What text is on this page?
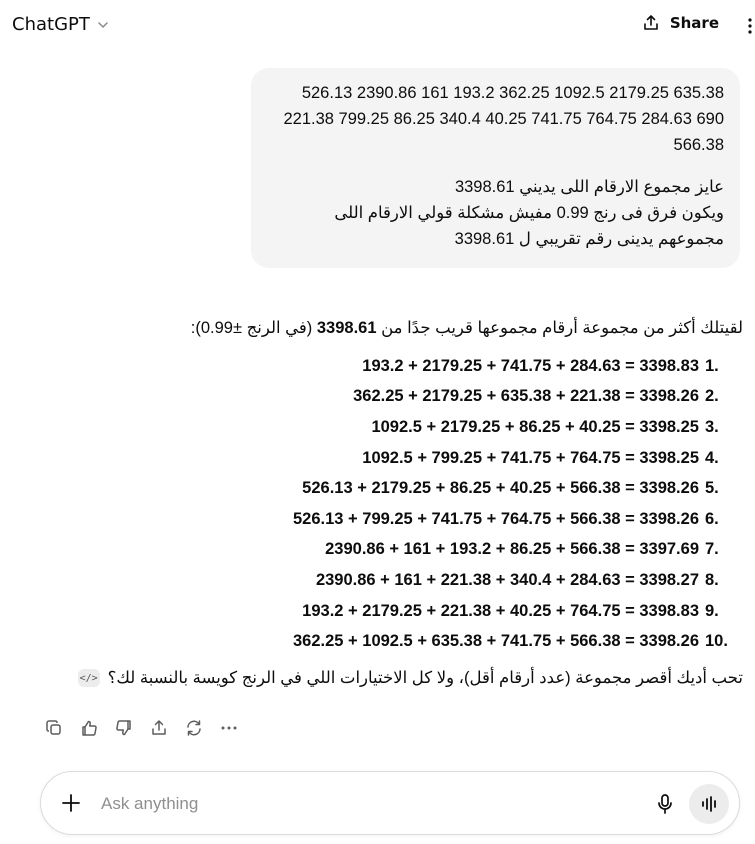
ChatGPT	Share
635.38 2179.25 1092.5 362.25 193.2 161 2390.86 526.13
690 284.63 764.75 741.75 40.25 340.4 86.25 799.25 221.38
566.38
عايز مجموع الارقام اللى يديني 3398.61
ويكون فرق فى رنج 0.99 مفيش مشكلة قولي الارقام اللى
مجموعهم يدينى رقم تقريبي ل 3398.61
لقيتلك أكثر من مجموعة أرقام مجموعها قريب جدًا من 3398.61 (في الرنج ±0.99):
193.2 + 2179.25 + 741.75 + 284.63 = 3398.83 1.
362.25 + 2179.25 + 635.38 + 221.38 = 3398.26 2.
1092.5 + 2179.25 + 86.25 + 40.25 = 3398.25 3.
1092.5 + 799.25 + 741.75 + 764.75 = 3398.25 4.
526.13 + 2179.25 + 86.25 + 40.25 + 566.38 = 3398.26 5.
526.13 + 799.25 + 741.75 + 764.75 + 566.38 = 3398.26 6.
2390.86 + 161 + 193.2 + 86.25 + 566.38 = 3397.69 7.
2390.86 + 161 + 221.38 + 340.4 + 284.63 = 3398.27 8.
193.2 + 2179.25 + 221.38 + 40.25 + 764.75 = 3398.83 9.
362.25 + 1092.5 + 635.38 + 741.75 + 566.38 = 3398.26 10.
</> تحب أديك أقصر مجموعة (عدد أرقام أقل)، ولا كل الاختيارات اللي في الرنج كويسة بالنسبة لك؟
Ask anything
